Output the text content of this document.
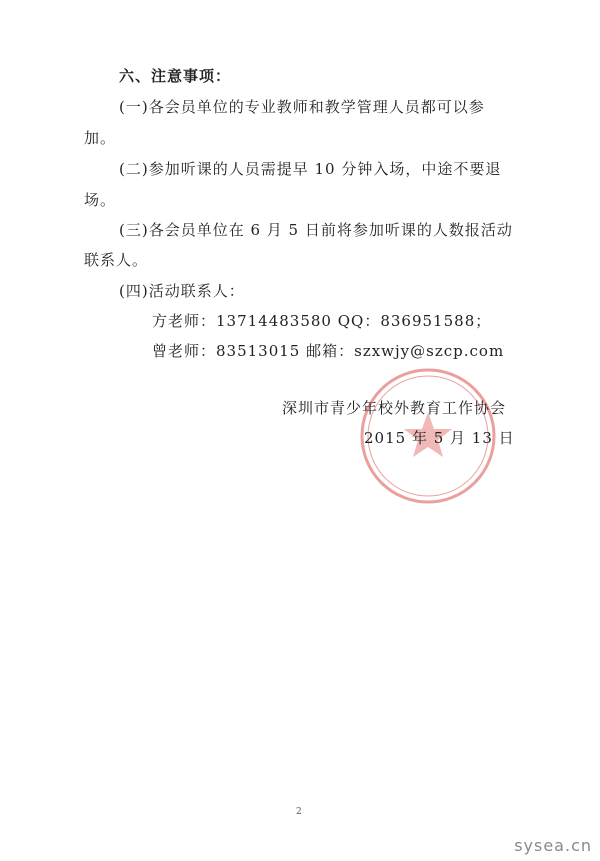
六、注意事项：
(一)各会员单位的专业教师和教学管理人员都可以参
加。
(二)参加听课的人员需提早 10 分钟入场，中途不要退
场。
(三)各会员单位在 6 月 5 日前将参加听课的人数报活动
联系人。
(四)活动联系人：
方老师：13714483580 QQ：836951588；
曾老师：83513015 邮箱：szxwjy@szcp.com
深圳市青少年校外教育工作协会
2015 年 5 月 13 日
2
sysea.cn
